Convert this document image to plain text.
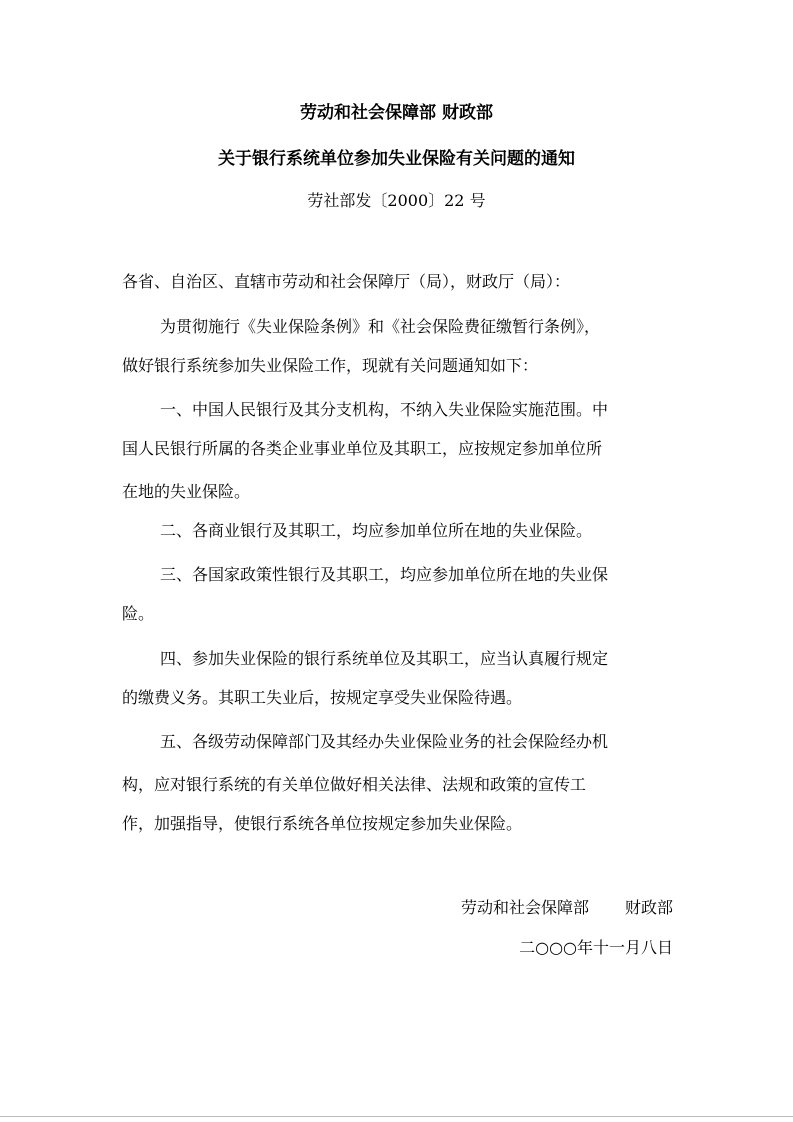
劳动和社会保障部 财政部
关于银行系统单位参加失业保险有关问题的通知
劳社部发〔2000〕22 号
各省、自治区、直辖市劳动和社会保障厅（局），财政厅（局）：
为贯彻施行《失业保险条例》和《社会保险费征缴暂行条例》，
做好银行系统参加失业保险工作，现就有关问题通知如下：
一、中国人民银行及其分支机构，不纳入失业保险实施范围。中
国人民银行所属的各类企业事业单位及其职工，应按规定参加单位所
在地的失业保险。
二、各商业银行及其职工，均应参加单位所在地的失业保险。
三、各国家政策性银行及其职工，均应参加单位所在地的失业保
险。
四、参加失业保险的银行系统单位及其职工，应当认真履行规定
的缴费义务。其职工失业后，按规定享受失业保险待遇。
五、各级劳动保障部门及其经办失业保险业务的社会保险经办机
构，应对银行系统的有关单位做好相关法律、法规和政策的宣传工
作，加强指导，使银行系统各单位按规定参加失业保险。
劳动和社会保障部 财政部
二○○○年十一月八日
